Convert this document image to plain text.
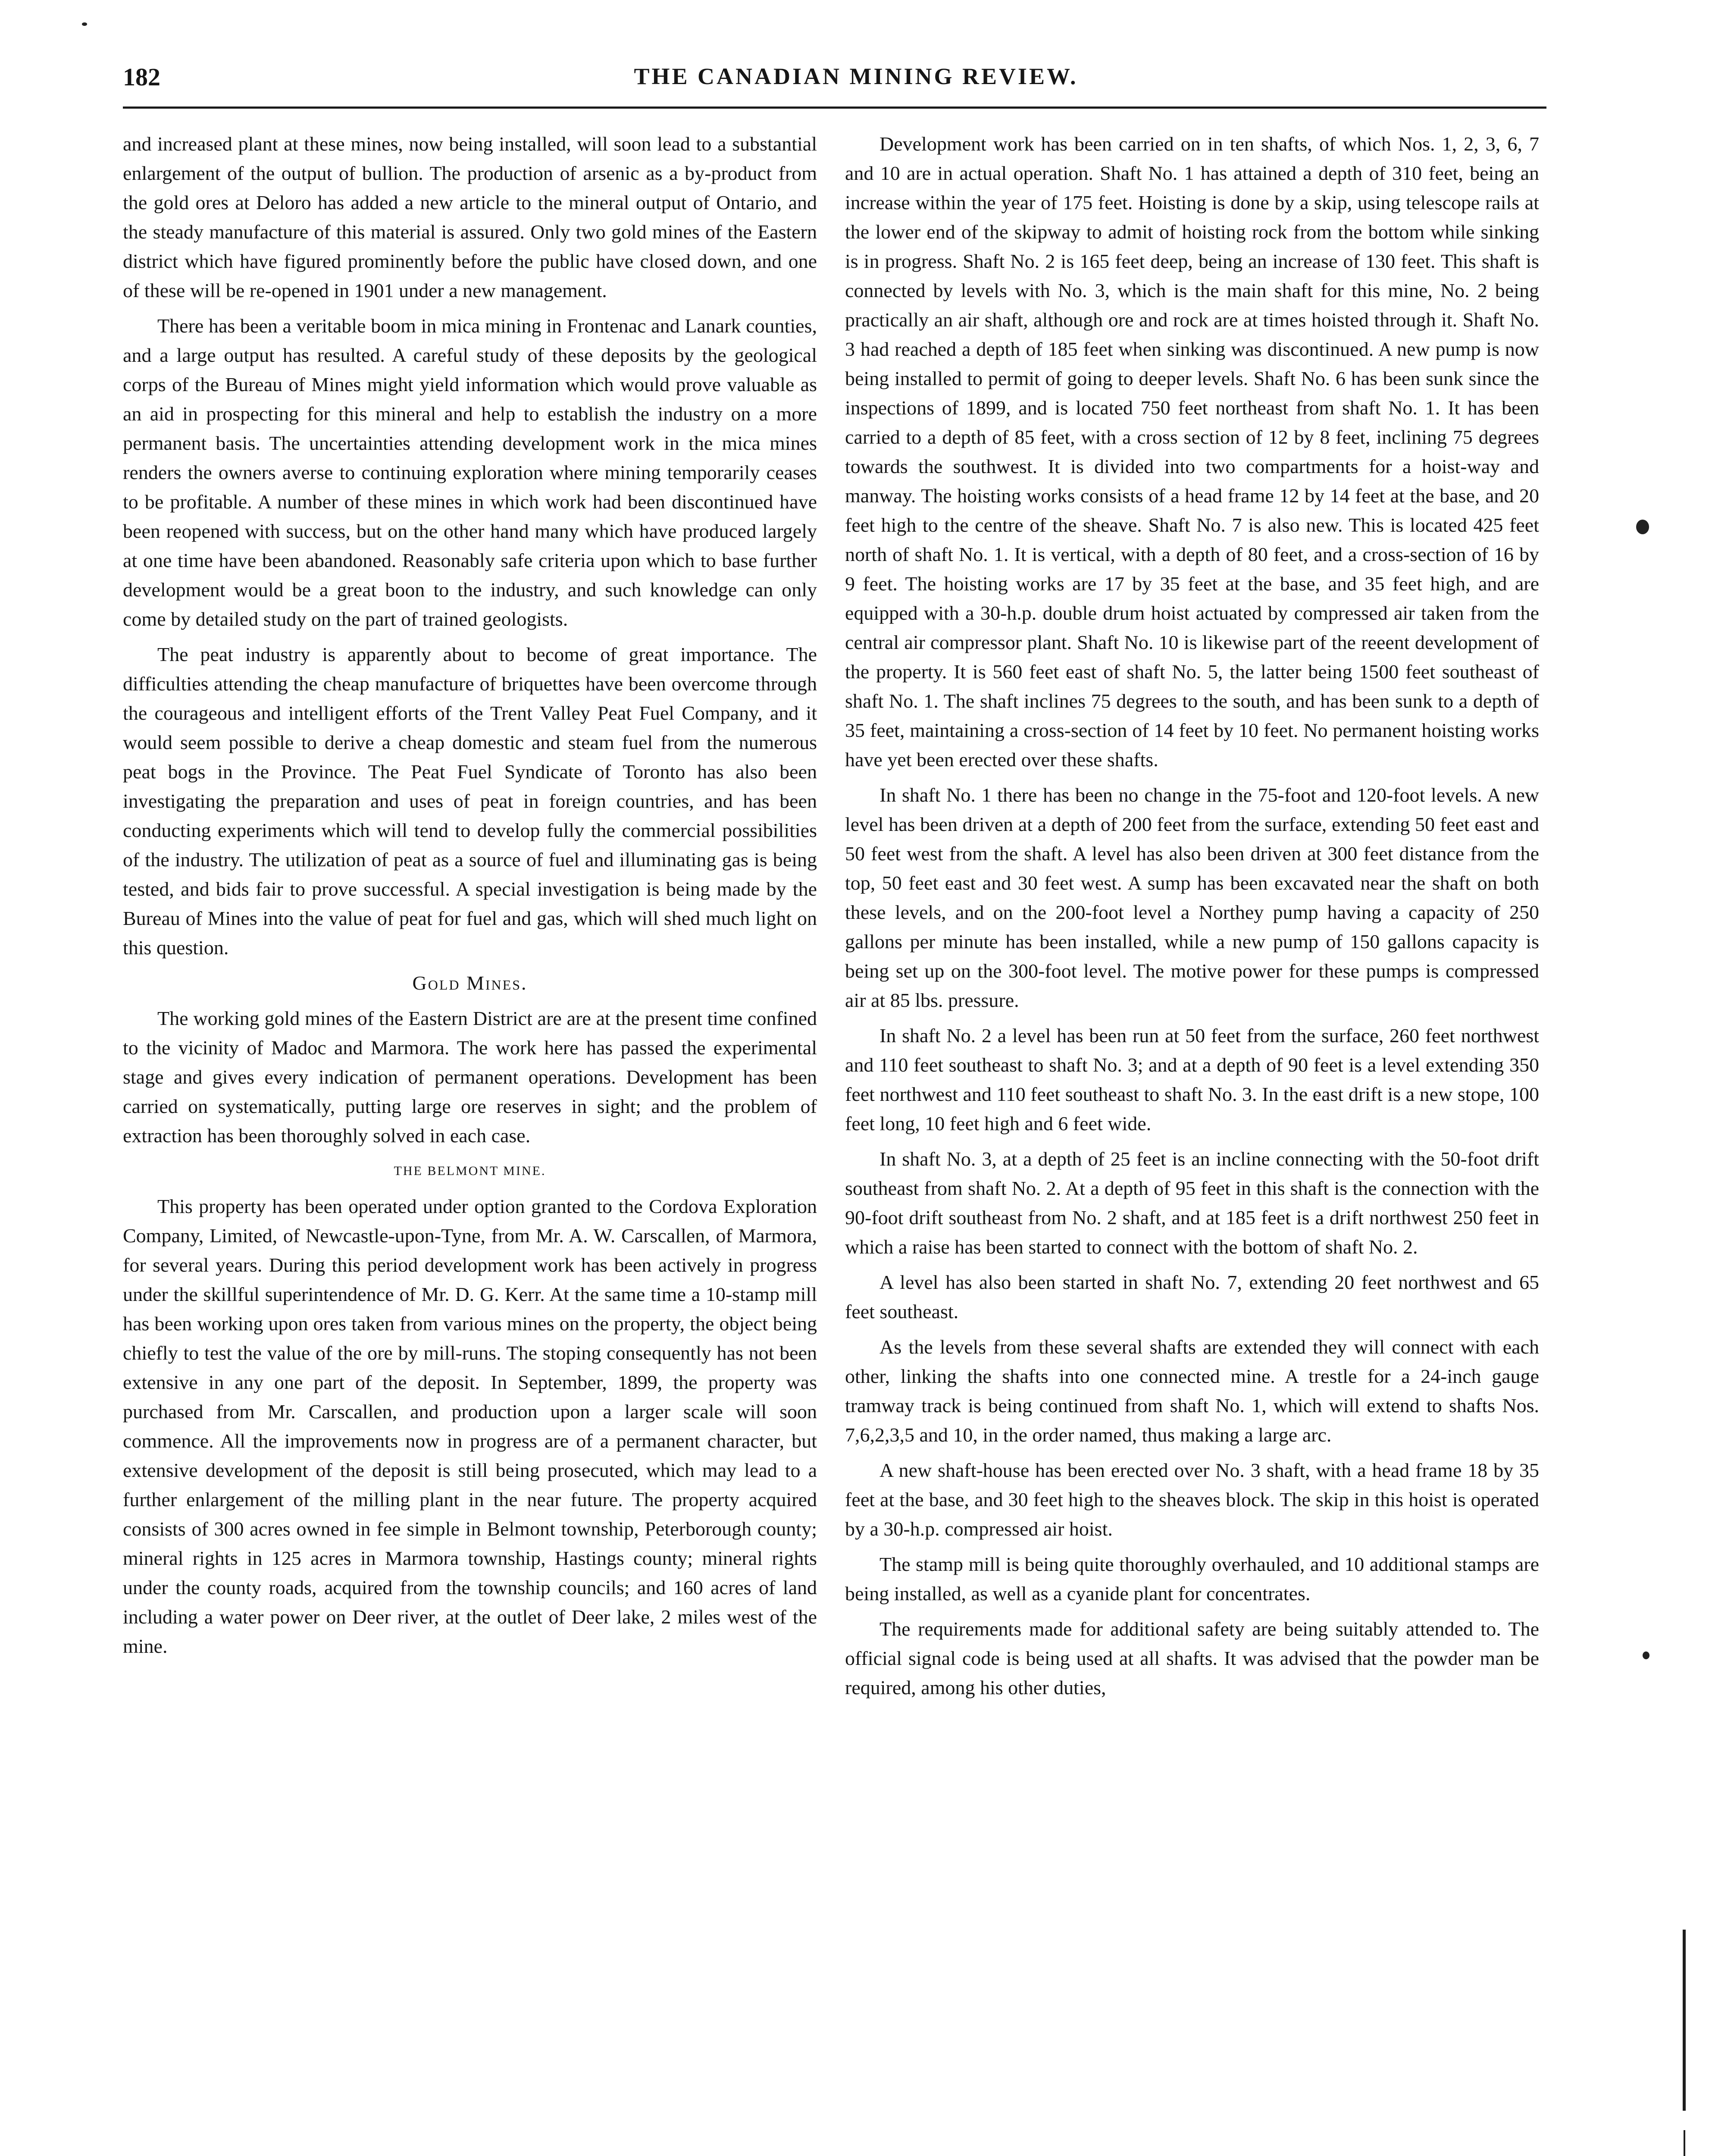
182	THE CANADIAN MINING REVIEW.

and increased plant at these mines, now being installed, will soon lead to a substantial enlargement of the output of bullion. The production of arsenic as a by-product from the gold ores at Deloro has added a new article to the mineral output of Ontario, and the steady manufacture of this material is assured. Only two gold mines of the Eastern district which have figured prominently before the public have closed down, and one of these will be re-opened in 1901 under a new management.

There has been a veritable boom in mica mining in Frontenac and Lanark counties, and a large output has resulted. A careful study of these deposits by the geological corps of the Bureau of Mines might yield information which would prove valuable as an aid in prospecting for this mineral and help to establish the industry on a more permanent basis. The uncertainties attending development work in the mica mines renders the owners averse to continuing exploration where mining temporarily ceases to be profitable. A number of these mines in which work had been discontinued have been reopened with success, but on the other hand many which have produced largely at one time have been abandoned. Reasonably safe criteria upon which to base further development would be a great boon to the industry, and such knowledge can only come by detailed study on the part of trained geologists.

The peat industry is apparently about to become of great importance. The difficulties attending the cheap manufacture of briquettes have been overcome through the courageous and intelligent efforts of the Trent Valley Peat Fuel Company, and it would seem possible to derive a cheap domestic and steam fuel from the numerous peat bogs in the Province. The Peat Fuel Syndicate of Toronto has also been investigating the preparation and uses of peat in foreign countries, and has been conducting experiments which will tend to develop fully the commercial possibilities of the industry. The utilization of peat as a source of fuel and illuminating gas is being tested, and bids fair to prove successful. A special investigation is being made by the Bureau of Mines into the value of peat for fuel and gas, which will shed much light on this question.

Gold Mines.

The working gold mines of the Eastern District are are at the present time confined to the vicinity of Madoc and Marmora. The work here has passed the experimental stage and gives every indication of permanent operations. Development has been carried on systematically, putting large ore reserves in sight; and the problem of extraction has been thoroughly solved in each case.

THE BELMONT MINE.

This property has been operated under option granted to the Cordova Exploration Company, Limited, of Newcastle-upon-Tyne, from Mr. A. W. Carscallen, of Marmora, for several years. During this period development work has been actively in progress under the skillful superintendence of Mr. D. G. Kerr. At the same time a 10-stamp mill has been working upon ores taken from various mines on the property, the object being chiefly to test the value of the ore by mill-runs. The stoping consequently has not been extensive in any one part of the deposit. In September, 1899, the property was purchased from Mr. Carscallen, and production upon a larger scale will soon commence. All the improvements now in progress are of a permanent character, but extensive development of the deposit is still being prosecuted, which may lead to a further enlargement of the milling plant in the near future. The property acquired consists of 300 acres owned in fee simple in Belmont township, Peterborough county; mineral rights in 125 acres in Marmora township, Hastings county; mineral rights under the county roads, acquired from the township councils; and 160 acres of land including a water power on Deer river, at the outlet of Deer lake, 2 miles west of the mine.

Development work has been carried on in ten shafts, of which Nos. 1, 2, 3, 6, 7 and 10 are in actual operation. Shaft No. 1 has attained a depth of 310 feet, being an increase within the year of 175 feet. Hoisting is done by a skip, using telescope rails at the lower end of the skipway to admit of hoisting rock from the bottom while sinking is in progress. Shaft No. 2 is 165 feet deep, being an increase of 130 feet. This shaft is connected by levels with No. 3, which is the main shaft for this mine, No. 2 being practically an air shaft, although ore and rock are at times hoisted through it. Shaft No. 3 had reached a depth of 185 feet when sinking was discontinued. A new pump is now being installed to permit of going to deeper levels. Shaft No. 6 has been sunk since the inspections of 1899, and is located 750 feet northeast from shaft No. 1. It has been carried to a depth of 85 feet, with a cross section of 12 by 8 feet, inclining 75 degrees towards the southwest. It is divided into two compartments for a hoist-way and manway. The hoisting works consists of a head frame 12 by 14 feet at the base, and 20 feet high to the centre of the sheave. Shaft No. 7 is also new. This is located 425 feet north of shaft No. 1. It is vertical, with a depth of 80 feet, and a cross-section of 16 by 9 feet. The hoisting works are 17 by 35 feet at the base, and 35 feet high, and are equipped with a 30-h.p. double drum hoist actuated by compressed air taken from the central air compressor plant. Shaft No. 10 is likewise part of the reeent development of the property. It is 560 feet east of shaft No. 5, the latter being 1500 feet southeast of shaft No. 1. The shaft inclines 75 degrees to the south, and has been sunk to a depth of 35 feet, maintaining a cross-section of 14 feet by 10 feet. No permanent hoisting works have yet been erected over these shafts.

In shaft No. 1 there has been no change in the 75-foot and 120-foot levels. A new level has been driven at a depth of 200 feet from the surface, extending 50 feet east and 50 feet west from the shaft. A level has also been driven at 300 feet distance from the top, 50 feet east and 30 feet west. A sump has been excavated near the shaft on both these levels, and on the 200-foot level a Northey pump having a capacity of 250 gallons per minute has been installed, while a new pump of 150 gallons capacity is being set up on the 300-foot level. The motive power for these pumps is compressed air at 85 lbs. pressure.

In shaft No. 2 a level has been run at 50 feet from the surface, 260 feet northwest and 110 feet southeast to shaft No. 3; and at a depth of 90 feet is a level extending 350 feet northwest and 110 feet southeast to shaft No. 3. In the east drift is a new stope, 100 feet long, 10 feet high and 6 feet wide.

In shaft No. 3, at a depth of 25 feet is an incline connecting with the 50-foot drift southeast from shaft No. 2. At a depth of 95 feet in this shaft is the connection with the 90-foot drift southeast from No. 2 shaft, and at 185 feet is a drift northwest 250 feet in which a raise has been started to connect with the bottom of shaft No. 2.

A level has also been started in shaft No. 7, extending 20 feet northwest and 65 feet southeast.

As the levels from these several shafts are extended they will connect with each other, linking the shafts into one connected mine. A trestle for a 24-inch gauge tramway track is being continued from shaft No. 1, which will extend to shafts Nos. 7,6,2,3,5 and 10, in the order named, thus making a large arc.

A new shaft-house has been erected over No. 3 shaft, with a head frame 18 by 35 feet at the base, and 30 feet high to the sheaves block. The skip in this hoist is operated by a 30-h.p. compressed air hoist.

The stamp mill is being quite thoroughly overhauled, and 10 additional stamps are being installed, as well as a cyanide plant for concentrates.

The requirements made for additional safety are being suitably attended to. The official signal code is being used at all shafts. It was advised that the powder man be required, among his other duties,
